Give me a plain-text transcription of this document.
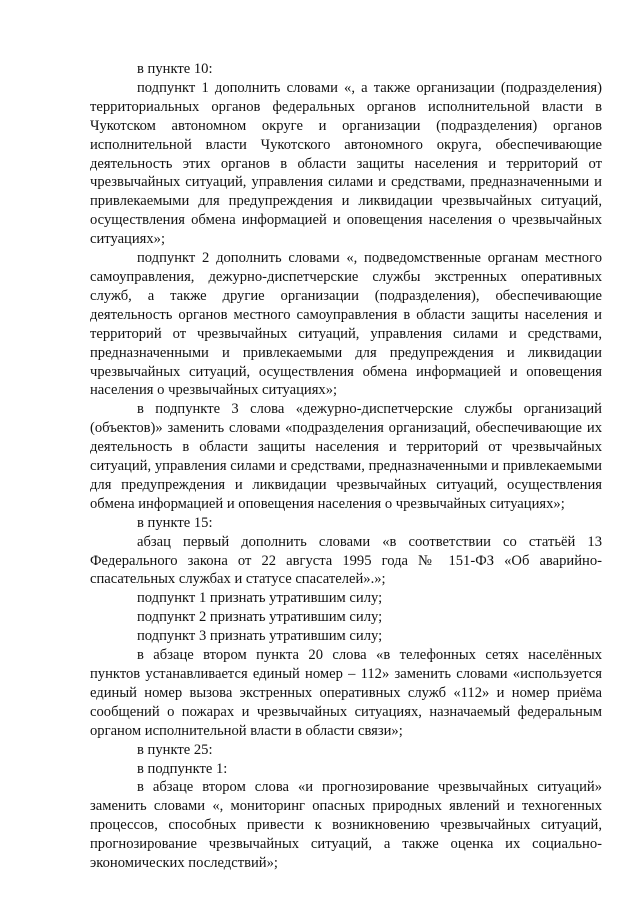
в пункте 10:

подпункт 1 дополнить словами «, а также организации (подразделения) территориальных органов федеральных органов исполнительной власти в Чукотском автономном округе и организации (подразделения) органов исполнительной власти Чукотского автономного округа, обеспечивающие деятельность этих органов в области защиты населения и территорий от чрезвычайных ситуаций, управления силами и средствами, предназначенными и привлекаемыми для предупреждения и ликвидации чрезвычайных ситуаций, осуществления обмена информацией и оповещения населения о чрезвычайных ситуациях»;

подпункт 2 дополнить словами «, подведомственные органам местного самоуправления, дежурно-диспетчерские службы экстренных оперативных служб, а также другие организации (подразделения), обеспечивающие деятельность органов местного самоуправления в области защиты населения и территорий от чрезвычайных ситуаций, управления силами и средствами, предназначенными и привлекаемыми для предупреждения и ликвидации чрезвычайных ситуаций, осуществления обмена информацией и оповещения населения о чрезвычайных ситуациях»;

в подпункте 3 слова «дежурно-диспетчерские службы организаций (объектов)» заменить словами «подразделения организаций, обеспечивающие их деятельность в области защиты населения и территорий от чрезвычайных ситуаций, управления силами и средствами, предназначенными и привлекаемыми для предупреждения и ликвидации чрезвычайных ситуаций, осуществления обмена информацией и оповещения населения о чрезвычайных ситуациях»;

в пункте 15:

абзац первый дополнить словами «в соответствии со статьёй 13 Федерального закона от 22 августа 1995 года № 151-ФЗ «Об аварийно-спасательных службах и статусе спасателей».»;

подпункт 1 признать утратившим силу;

подпункт 2 признать утратившим силу;

подпункт 3 признать утратившим силу;

в абзаце втором пункта 20 слова «в телефонных сетях населённых пунктов устанавливается единый номер – 112» заменить словами «используется единый номер вызова экстренных оперативных служб «112» и номер приёма сообщений о пожарах и чрезвычайных ситуациях, назначаемый федеральным органом исполнительной власти в области связи»;

в пункте 25:

в подпункте 1:

в абзаце втором слова «и прогнозирование чрезвычайных ситуаций» заменить словами «, мониторинг опасных природных явлений и техногенных процессов, способных привести к возникновению чрезвычайных ситуаций, прогнозирование чрезвычайных ситуаций, а также оценка их социально-экономических последствий»;
